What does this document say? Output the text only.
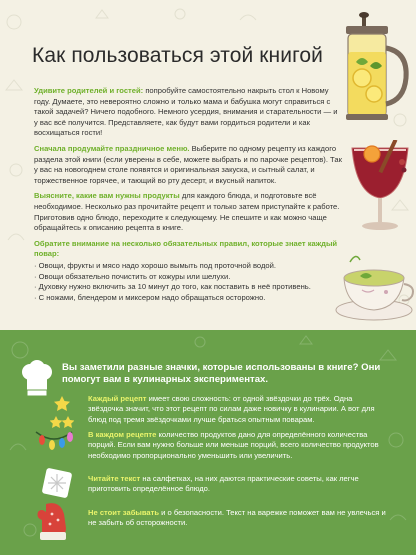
Как пользоваться этой книгой

Удивите родителей и гостей: попробуйте самостоятельно накрыть стол к Новому году. Думаете, это невероятно сложно и только мама и бабушка могут справиться с такой задачей? Ничего подобного. Немного усердия, внимания и старательности — и у вас всё получится. Представляете, как будут вами гордиться родители и как восхищаться гости!

Сначала продумайте праздничное меню. Выберите по одному рецепту из каждого раздела этой книги (если уверены в себе, можете выбрать и по парочке рецептов). Так у вас на новогоднем столе появятся и оригинальная закуска, и сытный салат, и торжественное горячее, и тающий во рту десерт, и вкусный напиток.

Выясните, какие вам нужны продукты для каждого блюда, и подготовьте всё необходимое. Несколько раз прочитайте рецепт и только затем приступайте к работе. Приготовив одно блюдо, переходите к следующему. Не спешите и как можно чаще обращайтесь к описанию рецепта в книге.

Обратите внимание на несколько обязательных правил, которые знает каждый повар:

· Овощи, фрукты и мясо надо хорошо вымыть под проточной водой.
· Овощи обязательно почистить от кожуры или шелухи.
· Духовку нужно включить за 10 минут до того, как поставить в неё противень.
· С ножами, блендером и миксером надо обращаться осторожно.
Вы заметили разные значки, которые использованы в книге? Они помогут вам в кулинарных экспериментах.
Каждый рецепт имеет свою сложность: от одной звёздочки до трёх. Одна звёздочка значит, что этот рецепт по силам даже новичку в кулинарии. А вот для блюд под тремя звёздочками лучше браться опытным поварам.
В каждом рецепте количество продуктов дано для определённого количества порций. Если вам нужно больше или меньше порций, всего количество продуктов необходимо пропорционально уменьшить или увеличить.
Читайте текст на салфетках, на них даются практические советы, как легче приготовить определённое блюдо.
Не стоит забывать и о безопасности. Текст на варежке поможет вам не увлечься и не забыть об осторожности.
